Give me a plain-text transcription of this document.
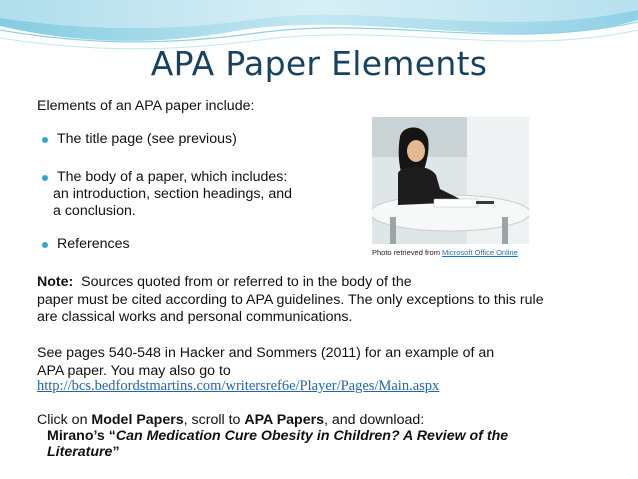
APA Paper Elements
Elements of an APA paper include:
The title page (see previous)
The body of a paper, which includes:
an introduction, section headings, and
a conclusion.
References
Photo retrieved from Microsoft Office Online
Note: Sources quoted from or referred to in the body of the
paper must be cited according to APA guidelines. The only exceptions to this rule
are classical works and personal communications.
See pages 540-548 in Hacker and Sommers (2011) for an example of an
APA paper. You may also go to
http://bcs.bedfordstmartins.com/writersref6e/Player/Pages/Main.aspx
Click on Model Papers, scroll to APA Papers, and download:
Mirano’s “Can Medication Cure Obesity in Children? A Review of the
Literature”
